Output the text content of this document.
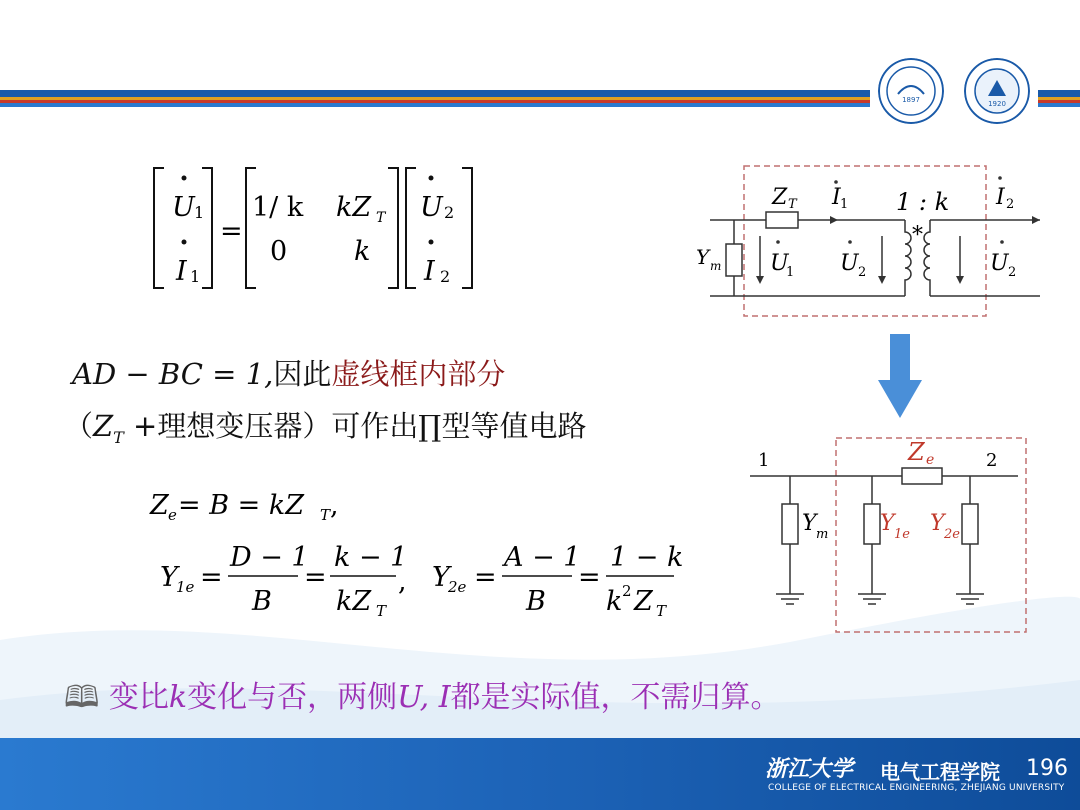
1897	1920
U 1
I 1
=
1/ k kZ T
0 k
U 2
I 2
AD − BC = 1,因此虚线框内部分
（$Z_T$ +理想变压器）可作出∏型等值电路
Z e = B = kZ T ,
Y
1e =
D − 1
B
=
k − 1
kZ T
, Y
2e =
A − 1
B
=
1 − k
k 2 Z T
Z T I 1 1 : k I 2
Y m U
1 U 2
*
U 2
1	2
Z e
Y m Y 1e Y 2e
🕮 变比k变化与否，两侧U, I都是实际值，不需归算。
浙江大学 电气工程学院
COLLEGE OF ELECTRICAL ENGINEERING, ZHEJIANG UNIVERSITY
196
